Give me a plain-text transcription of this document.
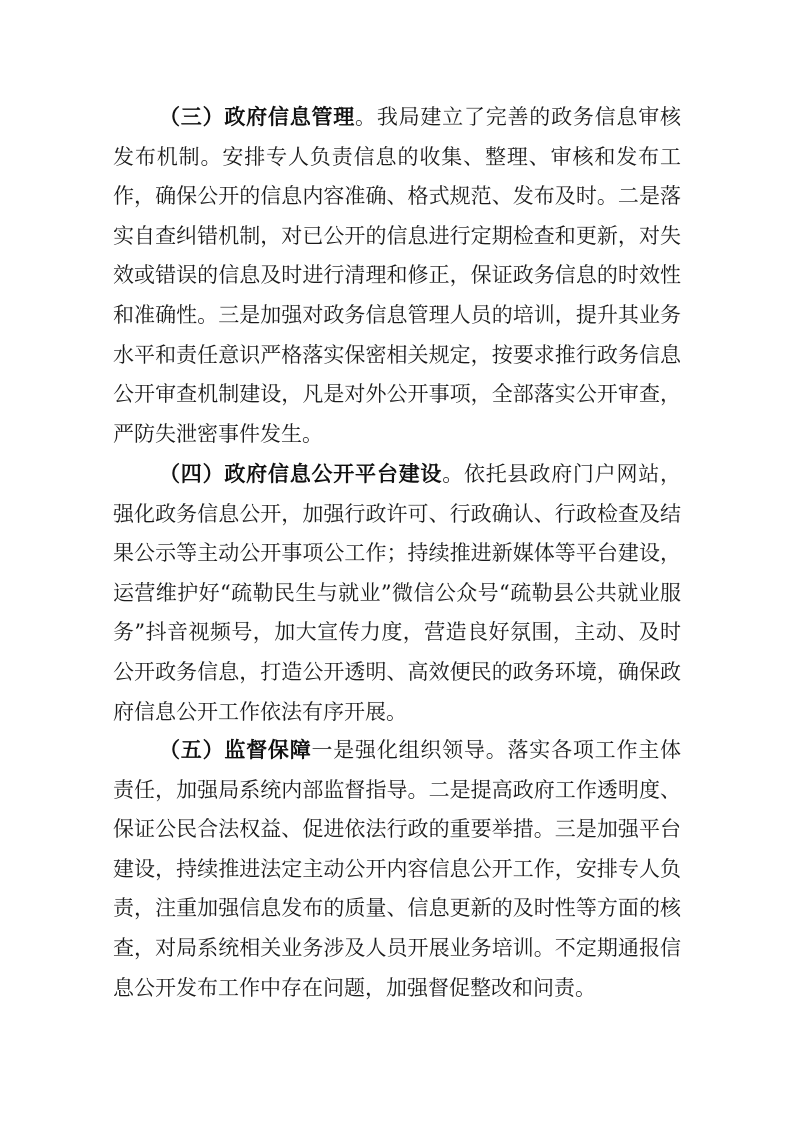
（三）政府信息管理。我局建立了完善的政务信息审核发布机制。安排专人负责信息的收集、整理、审核和发布工作，确保公开的信息内容准确、格式规范、发布及时。二是落实自查纠错机制，对已公开的信息进行定期检查和更新，对失效或错误的信息及时进行清理和修正，保证政务信息的时效性和准确性。三是加强对政务信息管理人员的培训，提升其业务水平和责任意识严格落实保密相关规定，按要求推行政务信息公开审查机制建设，凡是对外公开事项，全部落实公开审查，严防失泄密事件发生。

（四）政府信息公开平台建设。依托县政府门户网站，强化政务信息公开，加强行政许可、行政确认、行政检查及结果公示等主动公开事项公工作；持续推进新媒体等平台建设，运营维护好“疏勒民生与就业”微信公众号“疏勒县公共就业服务”抖音视频号，加大宣传力度，营造良好氛围，主动、及时公开政务信息，打造公开透明、高效便民的政务环境，确保政府信息公开工作依法有序开展。

（五）监督保障一是强化组织领导。落实各项工作主体责任，加强局系统内部监督指导。二是提高政府工作透明度、保证公民合法权益、促进依法行政的重要举措。三是加强平台建设，持续推进法定主动公开内容信息公开工作，安排专人负责，注重加强信息发布的质量、信息更新的及时性等方面的核查，对局系统相关业务涉及人员开展业务培训。不定期通报信息公开发布工作中存在问题，加强督促整改和问责。
